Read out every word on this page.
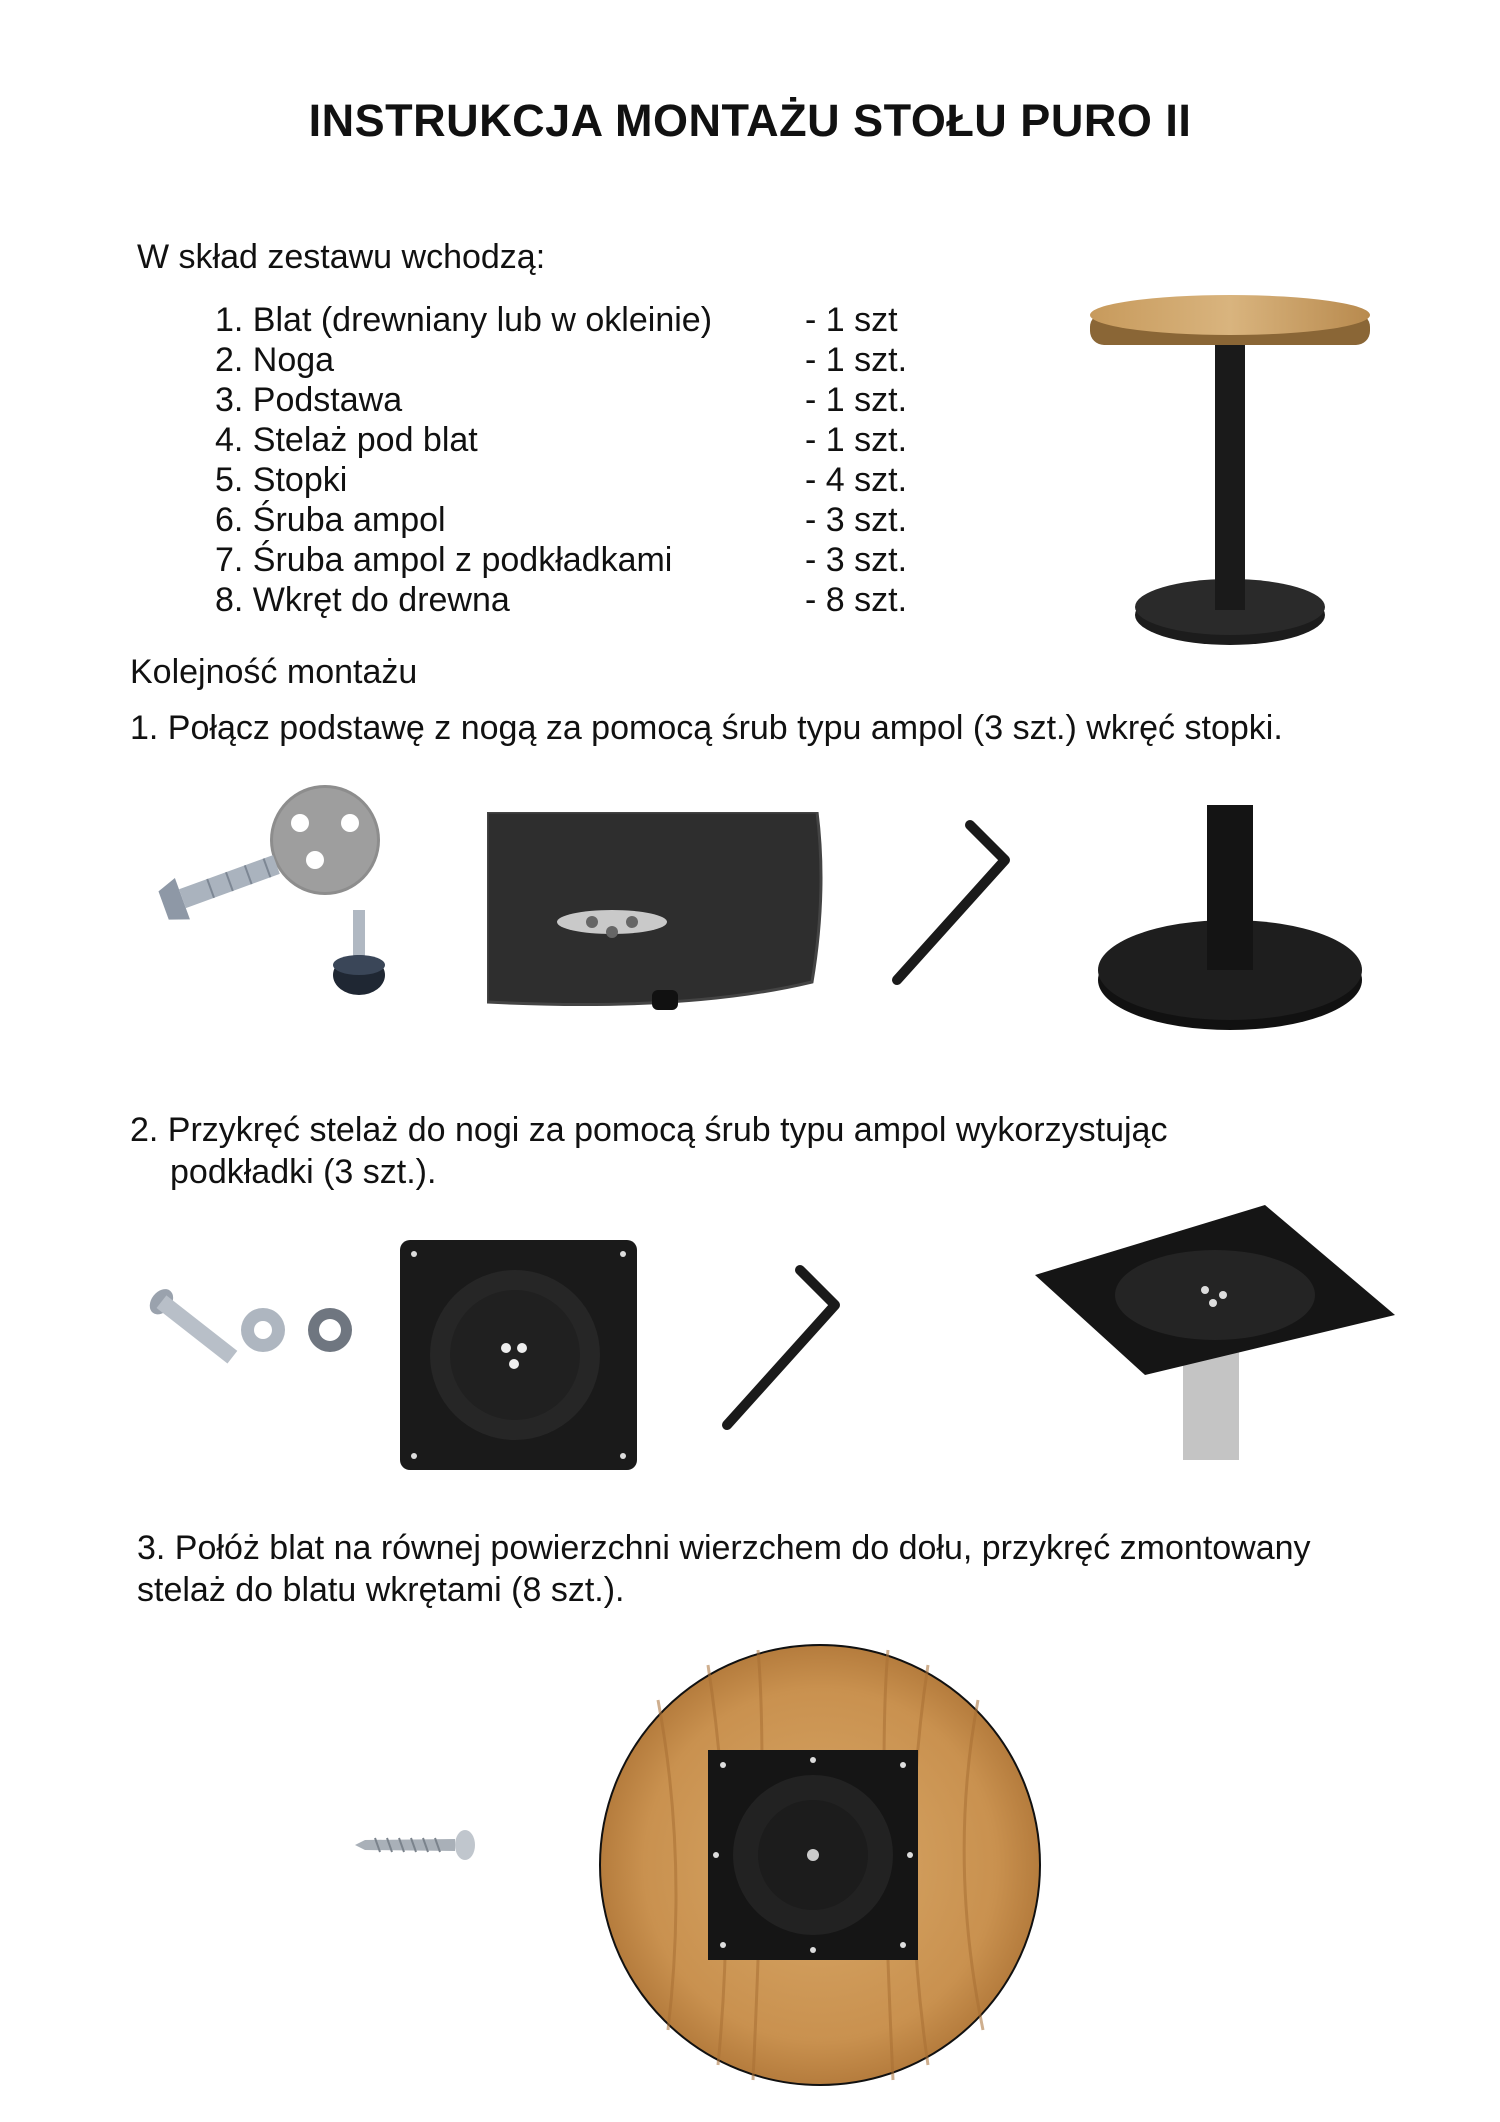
INSTRUKCJA MONTAŻU STOŁU PURO II
W skład zestawu wchodzą:
1. Blat (drewniany lub w okleinie)	- 1 szt
2. Noga	- 1 szt.
3. Podstawa	- 1 szt.
4. Stelaż pod blat	- 1 szt.
5. Stopki	- 4 szt.
6. Śruba ampol	- 3 szt.
7. Śruba ampol z podkładkami	- 3 szt.
8. Wkręt do drewna	- 8 szt.
Kolejność montażu
1. Połącz podstawę z nogą za pomocą śrub typu ampol (3 szt.) wkręć stopki.
2. Przykręć stelaż do nogi za pomocą śrub typu ampol wykorzystując
podkładki (3 szt.).
3. Połóż blat na równej powierzchni wierzchem do dołu, przykręć zmontowany
stelaż do blatu wkrętami (8 szt.).
